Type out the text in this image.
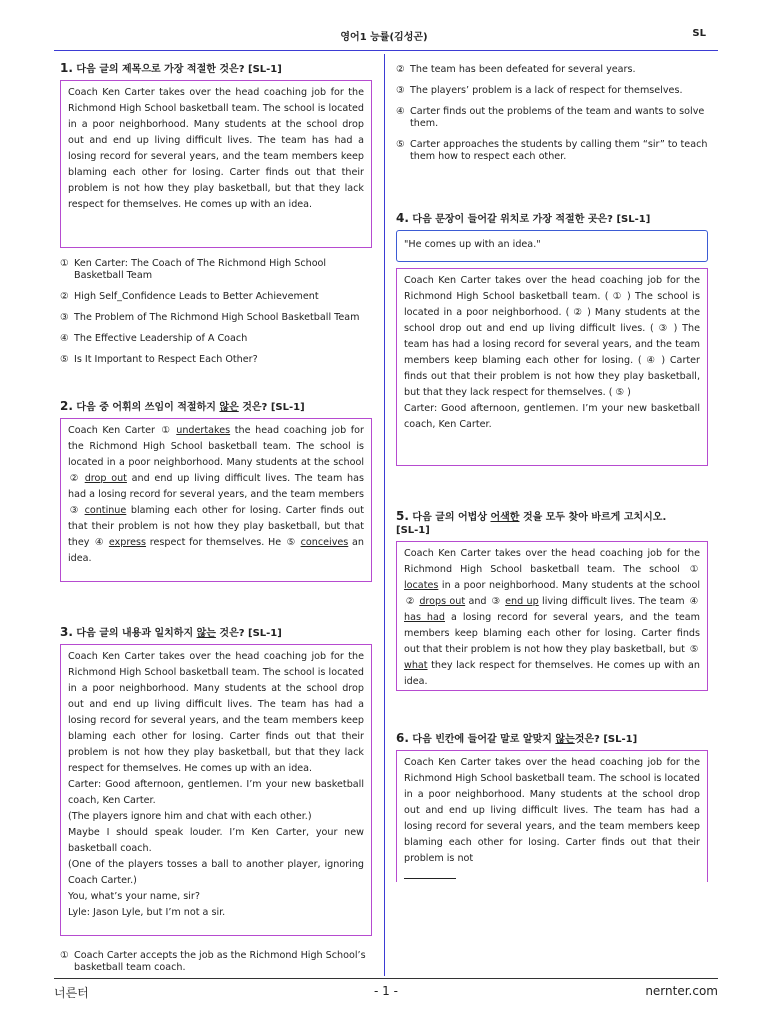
영어1 능률(김성곤)	SL
1. 다음 글의 제목으로 가장 적절한 것은? [SL-1]
Coach Ken Carter takes over the head coaching job for the Richmond High School basketball team. The school is located in a poor neighborhood. Many students at the school drop out and end up living difficult lives. The team has had a losing record for several years, and the team members keep blaming each other for losing. Carter finds out that their problem is not how they play basketball, but that they lack respect for themselves. He comes up with an idea.
① Ken Carter: The Coach of The Richmond High School Basketball Team
② High Self_Confidence Leads to Better Achievement
③ The Problem of The Richmond High School Basketball Team
④ The Effective Leadership of A Coach
⑤ Is It Important to Respect Each Other?
2. 다음 중 어휘의 쓰임이 적절하지 않은 것은? [SL-1]
Coach Ken Carter ① undertakes the head coaching job for the Richmond High School basketball team. The school is located in a poor neighborhood. Many students at the school ② drop out and end up living difficult lives. The team has had a losing record for several years, and the team members ③ continue blaming each other for losing. Carter finds out that their problem is not how they play basketball, but that they ④ express respect for themselves. He ⑤ conceives an idea.
3. 다음 글의 내용과 일치하지 않는 것은? [SL-1]
Coach Ken Carter takes over the head coaching job for the Richmond High School basketball team. The school is located in a poor neighborhood. Many students at the school drop out and end up living difficult lives. The team has had a losing record for several years, and the team members keep blaming each other for losing. Carter finds out that their problem is not how they play basketball, but that they lack respect for themselves. He comes up with an idea.
Carter: Good afternoon, gentlemen. I’m your new basketball coach, Ken Carter.
(The players ignore him and chat with each other.)
Maybe I should speak louder. I’m Ken Carter, your new basketball coach.
(One of the players tosses a ball to another player, ignoring Coach Carter.)
You, what’s your name, sir?
Lyle: Jason Lyle, but I’m not a sir.
① Coach Carter accepts the job as the Richmond High School’s basketball team coach.
② The team has been defeated for several years.
③ The players’ problem is a lack of respect for themselves.
④ Carter finds out the problems of the team and wants to solve them.
⑤ Carter approaches the students by calling them “sir” to teach them how to respect each other.
4. 다음 문장이 들어갈 위치로 가장 적절한 곳은? [SL-1]
"He comes up with an idea."
Coach Ken Carter takes over the head coaching job for the Richmond High School basketball team. ( ① ) The school is located in a poor neighborhood. ( ② ) Many students at the school drop out and end up living difficult lives. ( ③ ) The team has had a losing record for several years, and the team members keep blaming each other for losing. ( ④ ) Carter finds out that their problem is not how they play basketball, but that they lack respect for themselves. ( ⑤ )
Carter: Good afternoon, gentlemen. I’m your new basketball coach, Ken Carter.
5. 다음 글의 어법상 어색한 것을 모두 찾아 바르게 고치시오.
[SL-1]
Coach Ken Carter takes over the head coaching job for the Richmond High School basketball team. The school ① locates in a poor neighborhood. Many students at the school ② drops out and ③ end up living difficult lives. The team ④ has had a losing record for several years, and the team members keep blaming each other for losing. Carter finds out that their problem is not how they play basketball, but ⑤ what they lack respect for themselves. He comes up with an idea.
6. 다음 빈칸에 들어갈 말로 알맞지 않는것은? [SL-1]
Coach Ken Carter takes over the head coaching job for the Richmond High School basketball team. The school is located in a poor neighborhood. Many students at the school drop out and end up living difficult lives. The team has had a losing record for several years, and the team members keep blaming each other for losing. Carter finds out that their problem is not
너른터	- 1 -	nernter.com
